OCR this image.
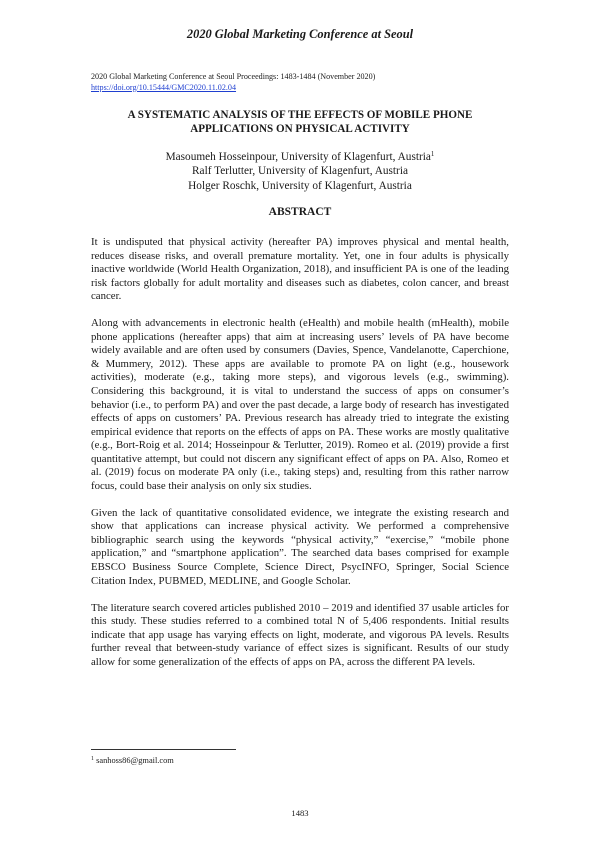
2020 Global Marketing Conference at Seoul
2020 Global Marketing Conference at Seoul Proceedings: 1483-1484 (November 2020)
https://doi.org/10.15444/GMC2020.11.02.04
A SYSTEMATIC ANALYSIS OF THE EFFECTS OF MOBILE PHONE
APPLICATIONS ON PHYSICAL ACTIVITY
Masoumeh Hosseinpour, University of Klagenfurt, Austria$^1$
Ralf Terlutter, University of Klagenfurt, Austria
Holger Roschk, University of Klagenfurt, Austria
ABSTRACT

It is undisputed that physical activity (hereafter PA) improves physical and mental health, reduces disease risks, and overall premature mortality. Yet, one in four adults is physically inactive worldwide (World Health Organization, 2018), and insufficient PA is one of the leading risk factors globally for adult mortality and diseases such as diabetes, colon cancer, and breast cancer.

Along with advancements in electronic health (eHealth) and mobile health (mHealth), mobile phone applications (hereafter apps) that aim at increasing users’ levels of PA have become widely available and are often used by consumers (Davies, Spence, Vandelanotte, Caperchione, & Mummery, 2012). These apps are available to promote PA on light (e.g., housework activities), moderate (e.g., taking more steps), and vigorous levels (e.g., swimming). Considering this background, it is vital to understand the success of apps on consumer’s behavior (i.e., to perform PA) and over the past decade, a large body of research has investigated effects of apps on customers’ PA. Previous research has already tried to integrate the existing empirical evidence that reports on the effects of apps on PA. These works are mostly qualitative (e.g., Bort-Roig et al. 2014; Hosseinpour & Terlutter, 2019). Romeo et al. (2019) provide a first quantitative attempt, but could not discern any significant effect of apps on PA. Also, Romeo et al. (2019) focus on moderate PA only (i.e., taking steps) and, resulting from this rather narrow focus, could base their analysis on only six studies.

Given the lack of quantitative consolidated evidence, we integrate the existing research and show that applications can increase physical activity. We performed a comprehensive bibliographic search using the keywords “physical activity,” “exercise,” “mobile phone application,” and “smartphone application”. The searched data bases comprised for example EBSCO Business Source Complete, Science Direct, PsycINFO, Springer, Social Science Citation Index, PUBMED, MEDLINE, and Google Scholar.

The literature search covered articles published 2010 – 2019 and identified 37 usable articles for this study. These studies referred to a combined total N of 5,406 respondents. Initial results indicate that app usage has varying effects on light, moderate, and vigorous PA levels. Results further reveal that between-study variance of effect sizes is significant. Results of our study allow for some generalization of the effects of apps on PA, across the different PA levels.

$^1$ sanhoss86@gmail.com
1483
